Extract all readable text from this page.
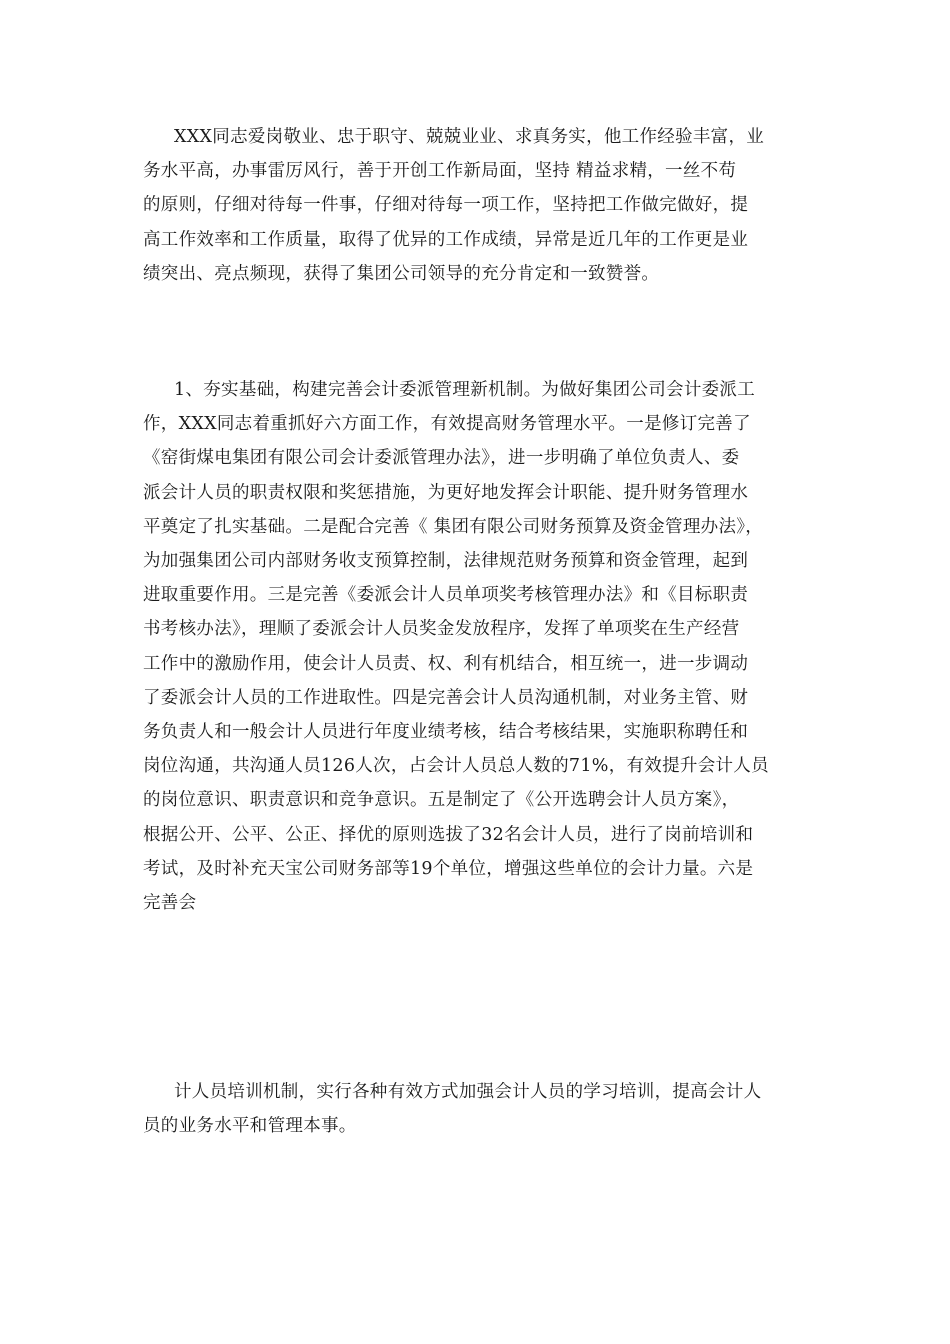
XXX同志爱岗敬业、忠于职守、兢兢业业、求真务实，他工作经验丰富，业
务水平高，办事雷厉风行，善于开创工作新局面，坚持 精益求精，一丝不苟
的原则，仔细对待每一件事，仔细对待每一项工作，坚持把工作做完做好，提
高工作效率和工作质量，取得了优异的工作成绩，异常是近几年的工作更是业
绩突出、亮点频现，获得了集团公司领导的充分肯定和一致赞誉。
1、夯实基础，构建完善会计委派管理新机制。为做好集团公司会计委派工
作，XXX同志着重抓好六方面工作，有效提高财务管理水平。一是修订完善了
《窑街煤电集团有限公司会计委派管理办法》，进一步明确了单位负责人、委
派会计人员的职责权限和奖惩措施，为更好地发挥会计职能、提升财务管理水
平奠定了扎实基础。二是配合完善《 集团有限公司财务预算及资金管理办法》，
为加强集团公司内部财务收支预算控制，法律规范财务预算和资金管理，起到
进取重要作用。三是完善《委派会计人员单项奖考核管理办法》和《目标职责
书考核办法》，理顺了委派会计人员奖金发放程序，发挥了单项奖在生产经营
工作中的激励作用，使会计人员责、权、利有机结合，相互统一，进一步调动
了委派会计人员的工作进取性。四是完善会计人员沟通机制，对业务主管、财
务负责人和一般会计人员进行年度业绩考核，结合考核结果，实施职称聘任和
岗位沟通，共沟通人员126人次，占会计人员总人数的71%，有效提升会计人员
的岗位意识、职责意识和竞争意识。五是制定了《公开选聘会计人员方案》，
根据公开、公平、公正、择优的原则选拔了32名会计人员，进行了岗前培训和
考试，及时补充天宝公司财务部等19个单位，增强这些单位的会计力量。六是
完善会
计人员培训机制，实行各种有效方式加强会计人员的学习培训，提高会计人
员的业务水平和管理本事。
